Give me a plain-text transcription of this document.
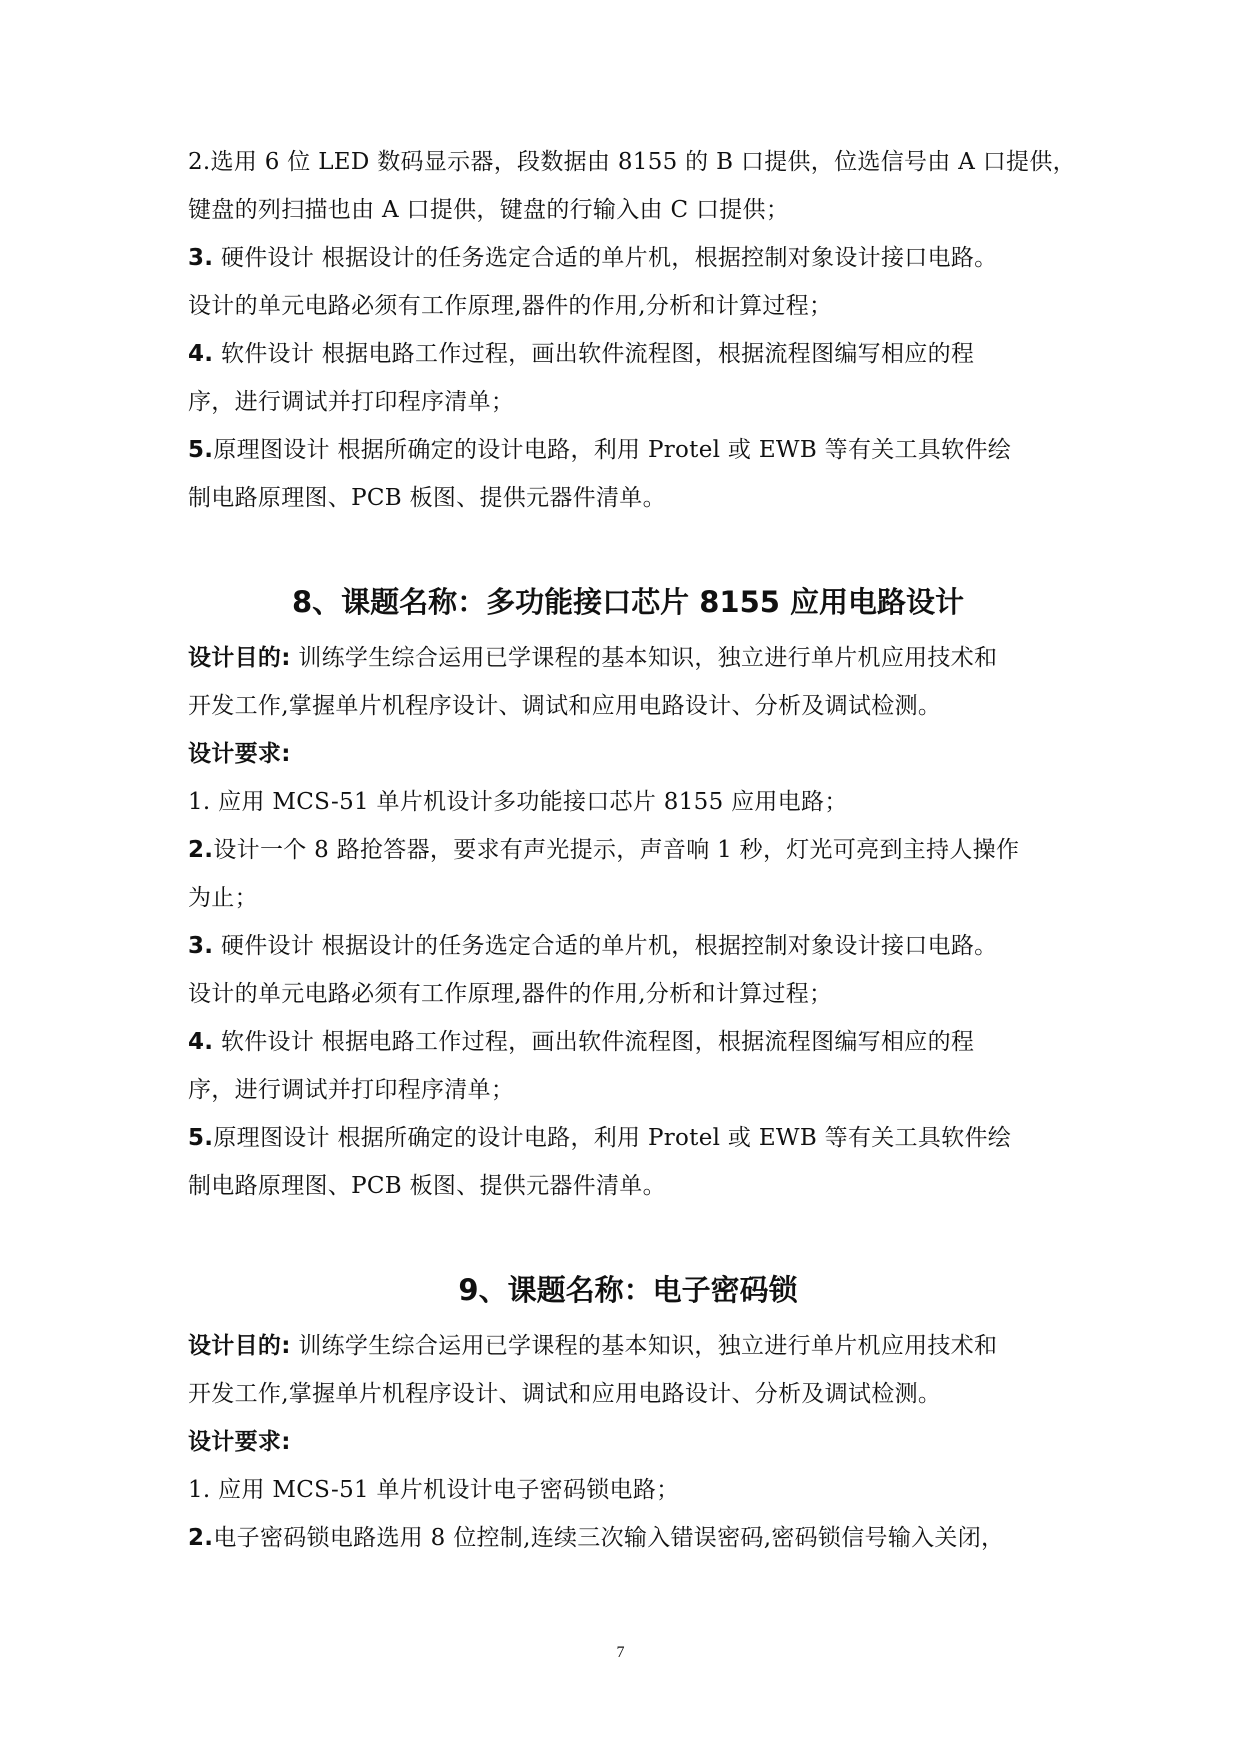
2.选用 6 位 LED 数码显示器，段数据由 8155 的 B 口提供，位选信号由 A 口提供，
键盘的列扫描也由 A 口提供，键盘的行输入由 C 口提供；
3. 硬件设计 根据设计的任务选定合适的单片机，根据控制对象设计接口电路。
设计的单元电路必须有工作原理,器件的作用,分析和计算过程；
4. 软件设计 根据电路工作过程，画出软件流程图，根据流程图编写相应的程
序，进行调试并打印程序清单；
5.原理图设计 根据所确定的设计电路，利用 Protel 或 EWB 等有关工具软件绘
制电路原理图、PCB 板图、提供元器件清单。
8、课题名称：多功能接口芯片 8155 应用电路设计
设计目的: 训练学生综合运用已学课程的基本知识，独立进行单片机应用技术和
开发工作,掌握单片机程序设计、调试和应用电路设计、分析及调试检测。
设计要求:
1. 应用 MCS-51 单片机设计多功能接口芯片 8155 应用电路；
2.设计一个 8 路抢答器，要求有声光提示，声音响 1 秒，灯光可亮到主持人操作
为止；
3. 硬件设计 根据设计的任务选定合适的单片机，根据控制对象设计接口电路。
设计的单元电路必须有工作原理,器件的作用,分析和计算过程；
4. 软件设计 根据电路工作过程，画出软件流程图，根据流程图编写相应的程
序，进行调试并打印程序清单；
5.原理图设计 根据所确定的设计电路，利用 Protel 或 EWB 等有关工具软件绘
制电路原理图、PCB 板图、提供元器件清单。
9、课题名称：电子密码锁
设计目的: 训练学生综合运用已学课程的基本知识，独立进行单片机应用技术和
开发工作,掌握单片机程序设计、调试和应用电路设计、分析及调试检测。
设计要求:
1. 应用 MCS-51 单片机设计电子密码锁电路；
2.电子密码锁电路选用 8 位控制,连续三次输入错误密码,密码锁信号输入关闭，
7
